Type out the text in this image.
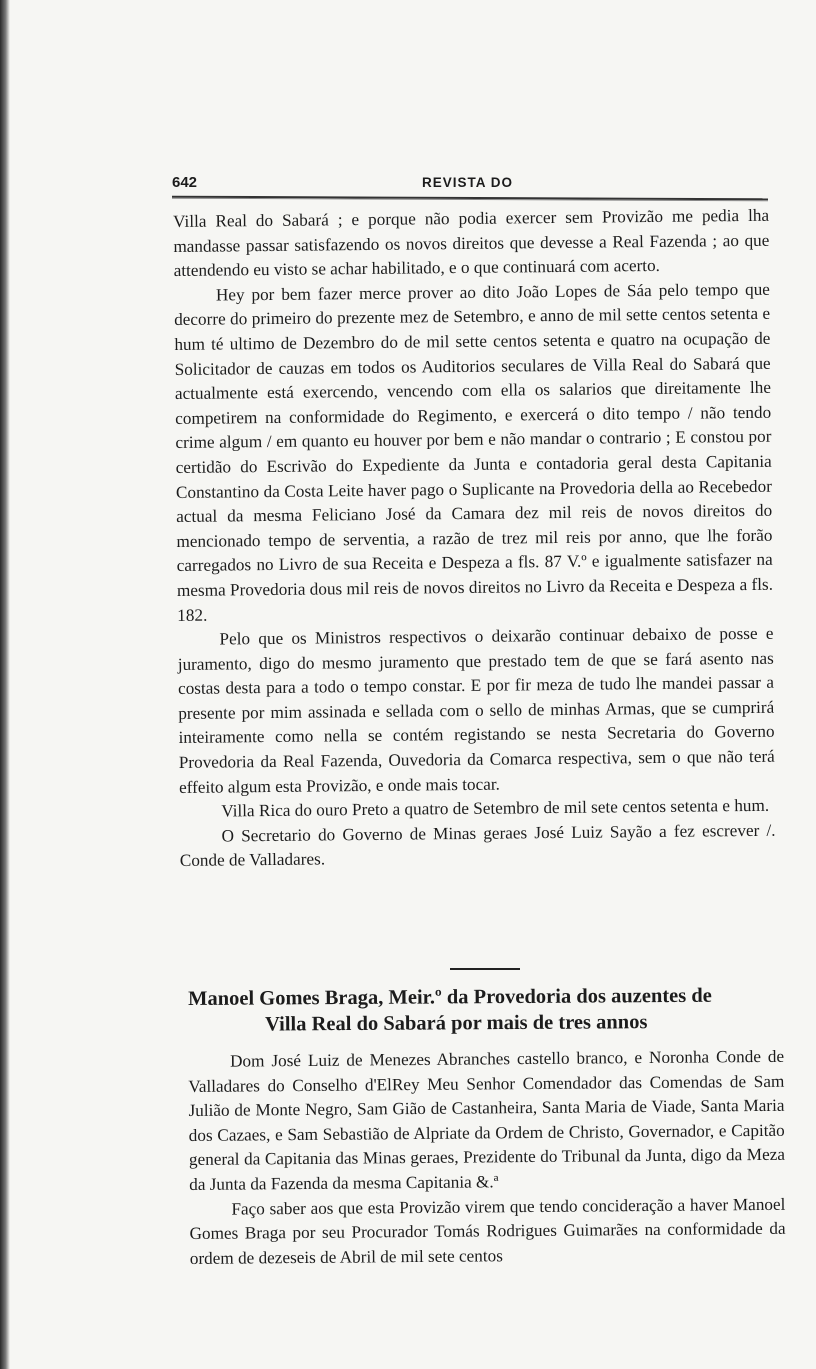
642	REVISTA DO

Villa Real do Sabará ; e porque não podia exercer sem Provizão me pedia lha mandasse passar satisfazendo os novos direitos que devesse a Real Fazenda ; ao que attendendo eu visto se achar habilitado, e o que continuará com acerto.

Hey por bem fazer merce prover ao dito João Lopes de Sáa pelo tempo que decorre do primeiro do prezente mez de Setembro, e anno de mil sette centos setenta e hum té ultimo de Dezembro do de mil sette centos setenta e quatro na ocupação de Solicitador de cauzas em todos os Auditorios seculares de Villa Real do Sabará que actualmente está exercendo, vencendo com ella os salarios que direitamente lhe competirem na conformidade do Regimento, e exercerá o dito tempo / não tendo crime algum / em quanto eu houver por bem e não mandar o contrario ; E constou por certidão do Escrivão do Expediente da Junta e contadoria geral desta Capitania Constantino da Costa Leite haver pago o Suplicante na Provedoria della ao Recebedor actual da mesma Feliciano José da Camara dez mil reis de novos direitos do mencionado tempo de serventia, a razão de trez mil reis por anno, que lhe forão carregados no Livro de sua Receita e Despeza a fls. 87 V.º e igualmente satisfazer na mesma Provedoria dous mil reis de novos direitos no Livro da Receita e Despeza a fls. 182.

Pelo que os Ministros respectivos o deixarão continuar debaixo de posse e juramento, digo do mesmo juramento que prestado tem de que se fará asento nas costas desta para a todo o tempo constar. E por fir meza de tudo lhe mandei passar a presente por mim assinada e sellada com o sello de minhas Armas, que se cumprirá inteiramente como nella se contém registando se nesta Secretaria do Governo Provedoria da Real Fazenda, Ouvedoria da Comarca respectiva, sem o que não terá effeito algum esta Provizão, e onde mais tocar.

Villa Rica do ouro Preto a quatro de Setembro de mil sete centos setenta e hum.

O Secretario do Governo de Minas geraes José Luiz Sayão a fez escrever /. Conde de Valladares.

Manoel Gomes Braga, Meir.º da Provedoria dos auzentes de
Villa Real do Sabará por mais de tres annos

Dom José Luiz de Menezes Abranches castello branco, e Noronha Conde de Valladares do Conselho d'ElRey Meu Senhor Comendador das Comendas de Sam Julião de Monte Negro, Sam Gião de Castanheira, Santa Maria de Viade, Santa Maria dos Cazaes, e Sam Sebastião de Alpriate da Ordem de Christo, Governador, e Capitão general da Capitania das Minas geraes, Prezidente do Tribunal da Junta, digo da Meza da Junta da Fazenda da mesma Capitania &.ª

Faço saber aos que esta Provizão virem que tendo concideração a haver Manoel Gomes Braga por seu Procurador Tomás Rodrigues Guimarães na conformidade da ordem de dezeseis de Abril de mil sete centos
